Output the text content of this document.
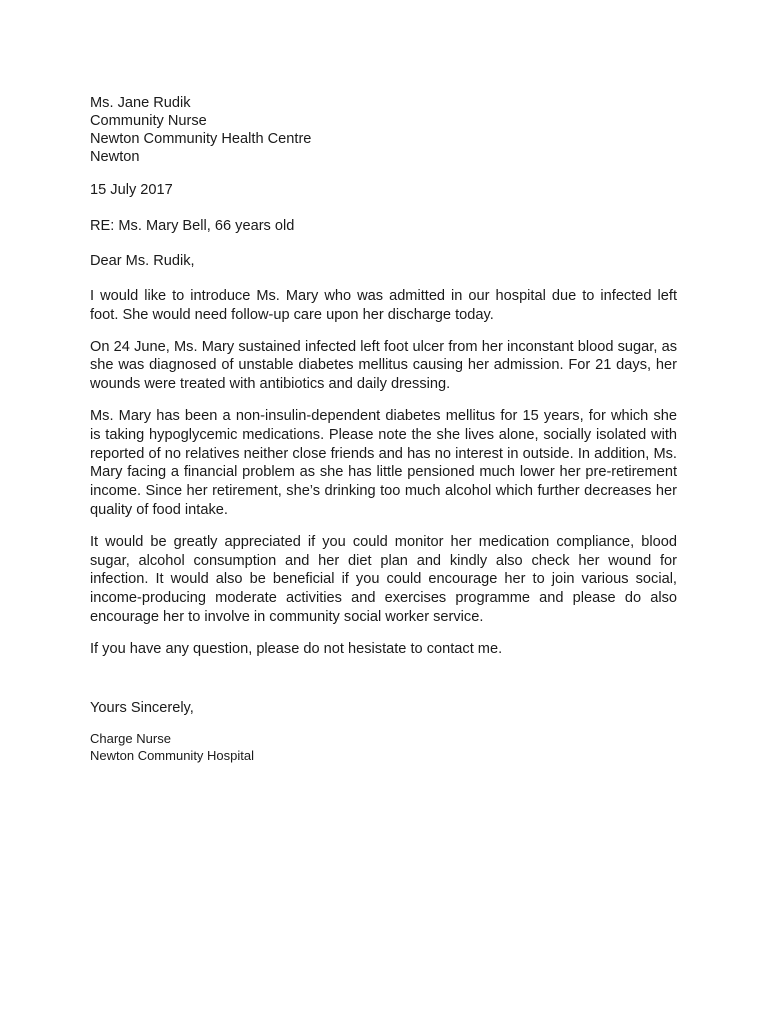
Ms. Jane Rudik
Community Nurse
Newton Community Health Centre
Newton
15 July 2017
RE: Ms. Mary Bell, 66 years old
Dear Ms. Rudik,

I would like to introduce Ms. Mary who was admitted in our hospital due to infected left foot. She would need follow-up care upon her discharge today.

On 24 June, Ms. Mary sustained infected left foot ulcer from her inconstant blood sugar, as she was diagnosed of unstable diabetes mellitus causing her admission. For 21 days, her wounds were treated with antibiotics and daily dressing.

Ms. Mary has been a non-insulin-dependent diabetes mellitus for 15 years, for which she is taking hypoglycemic medications. Please note the she lives alone, socially isolated with reported of no relatives neither close friends and has no interest in outside. In addition, Ms. Mary facing a financial problem as she has little pensioned much lower her pre-retirement income. Since her retirement, she’s drinking too much alcohol which further decreases her quality of food intake.

It would be greatly appreciated if you could monitor her medication compliance, blood sugar, alcohol consumption and her diet plan and kindly also check her wound for infection. It would also be beneficial if you could encourage her to join various social, income-producing moderate activities and exercises programme and please do also encourage her to involve in community social worker service.

If you have any question, please do not hesistate to contact me.

Yours Sincerely,
Charge Nurse
Newton Community Hospital
